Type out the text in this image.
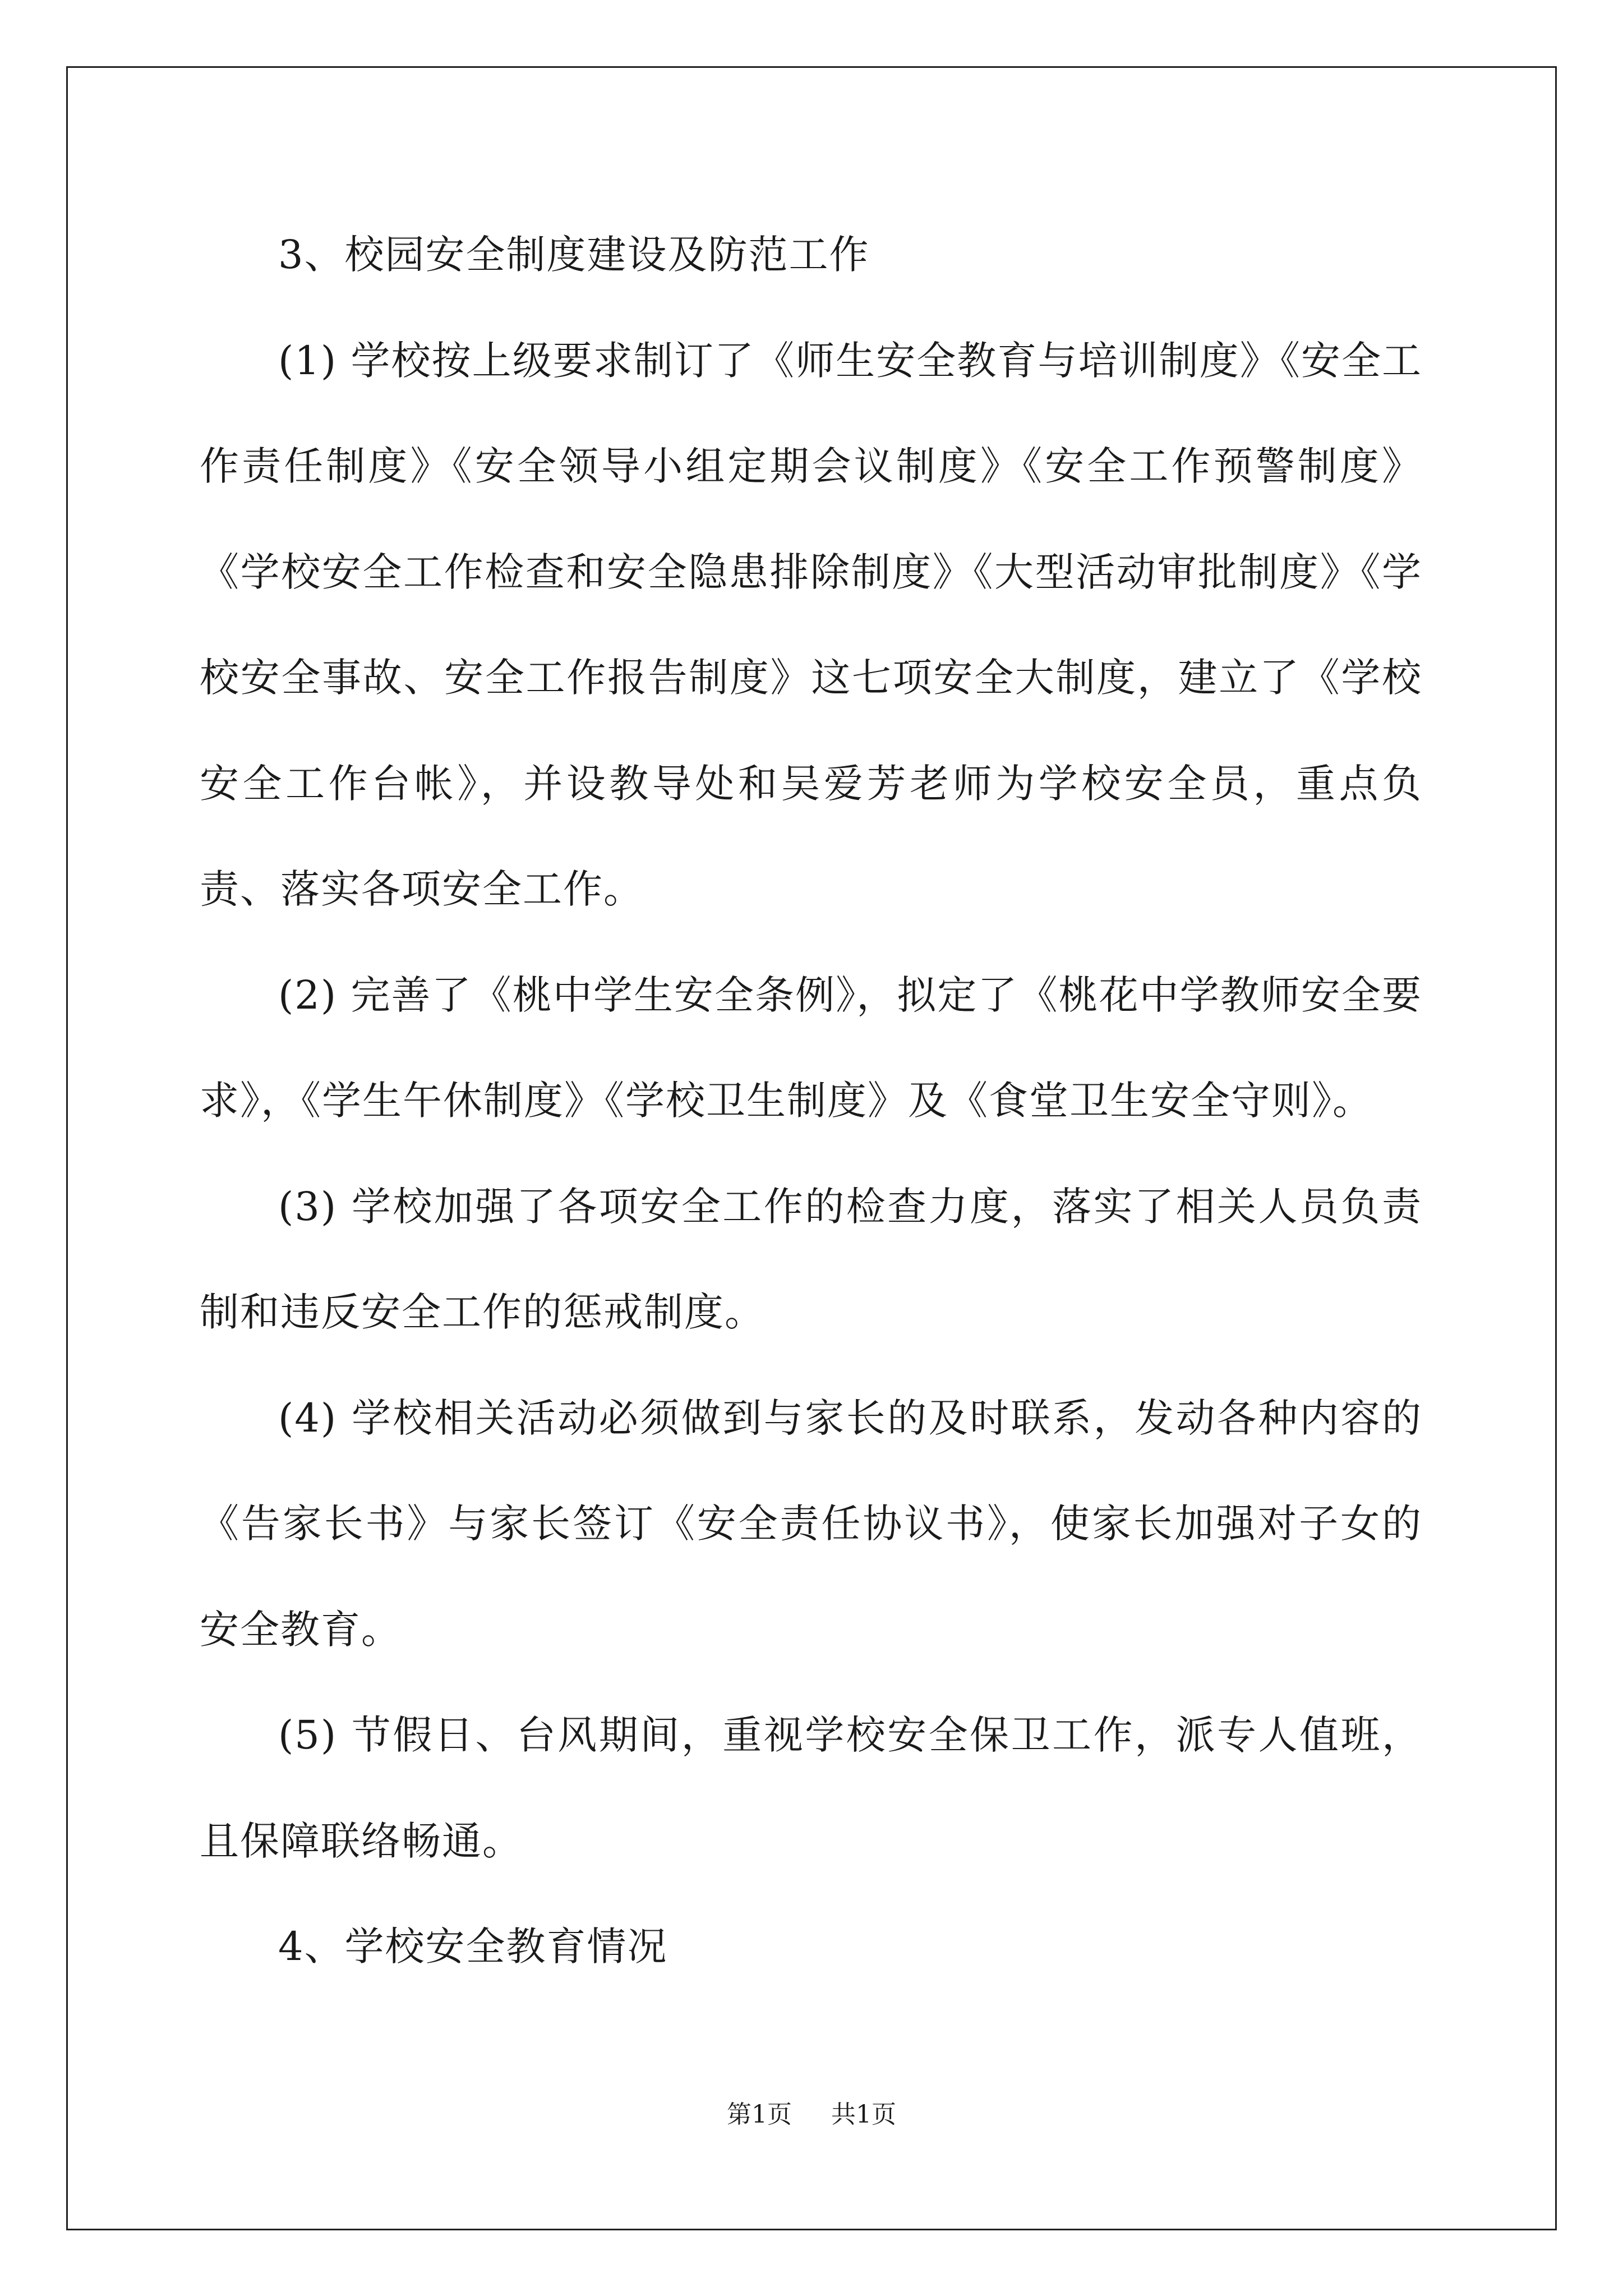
3、校园安全制度建设及防范工作

(1) 学校按上级要求制订了《师生安全教育与培训制度》《安全工作责任制度》《安全领导小组定期会议制度》《安全工作预警制度》《学校安全工作检查和安全隐患排除制度》《大型活动审批制度》《学校安全事故、安全工作报告制度》这七项安全大制度，建立了《学校安全工作台帐》，并设教导处和吴爱芳老师为学校安全员，重点负责、落实各项安全工作。

(2) 完善了《桃中学生安全条例》，拟定了《桃花中学教师安全要求》，《学生午休制度》《学校卫生制度》及《食堂卫生安全守则》。

(3) 学校加强了各项安全工作的检查力度，落实了相关人员负责制和违反安全工作的惩戒制度。

(4) 学校相关活动必须做到与家长的及时联系，发动各种内容的《告家长书》与家长签订《安全责任协议书》，使家长加强对子女的安全教育。

(5) 节假日、台风期间，重视学校安全保卫工作，派专人值班，且保障联络畅通。

4、学校安全教育情况

第1页 共1页
